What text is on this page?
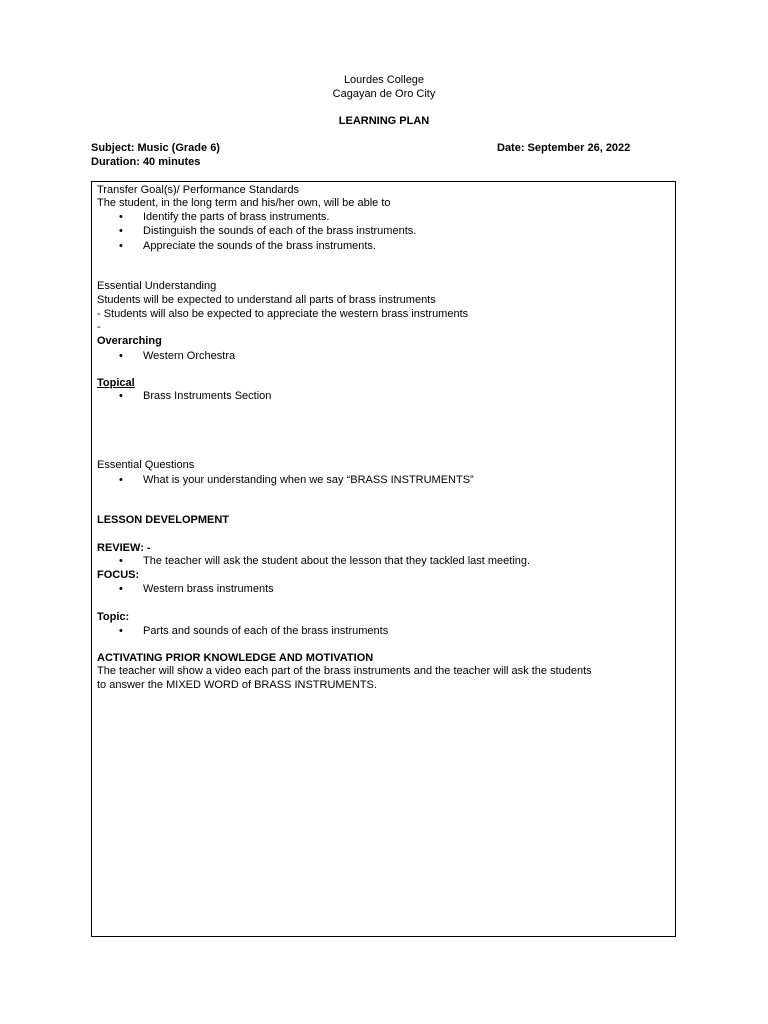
Lourdes College
Cagayan de Oro City
LEARNING PLAN
Subject: Music (Grade 6)
Duration: 40 minutes
Date: September 26, 2022
Transfer Goal(s)/ Performance Standards
The student, in the long term and his/her own, will be able to
• Identify the parts of brass instruments.
• Distinguish the sounds of each of the brass instruments.
• Appreciate the sounds of the brass instruments.
Essential Understanding
Students will be expected to understand all parts of brass instruments
- Students will also be expected to appreciate the western brass instruments
-
Overarching
• Western Orchestra
Topical
• Brass Instruments Section
Essential Questions
• What is your understanding when we say “BRASS INSTRUMENTS”
LESSON DEVELOPMENT
REVIEW: -
• The teacher will ask the student about the lesson that they tackled last meeting.
FOCUS:
• Western brass instruments
Topic:
• Parts and sounds of each of the brass instruments
ACTIVATING PRIOR KNOWLEDGE AND MOTIVATION
The teacher will show a video each part of the brass instruments and the teacher will ask the students
to answer the MIXED WORD of BRASS INSTRUMENTS.
